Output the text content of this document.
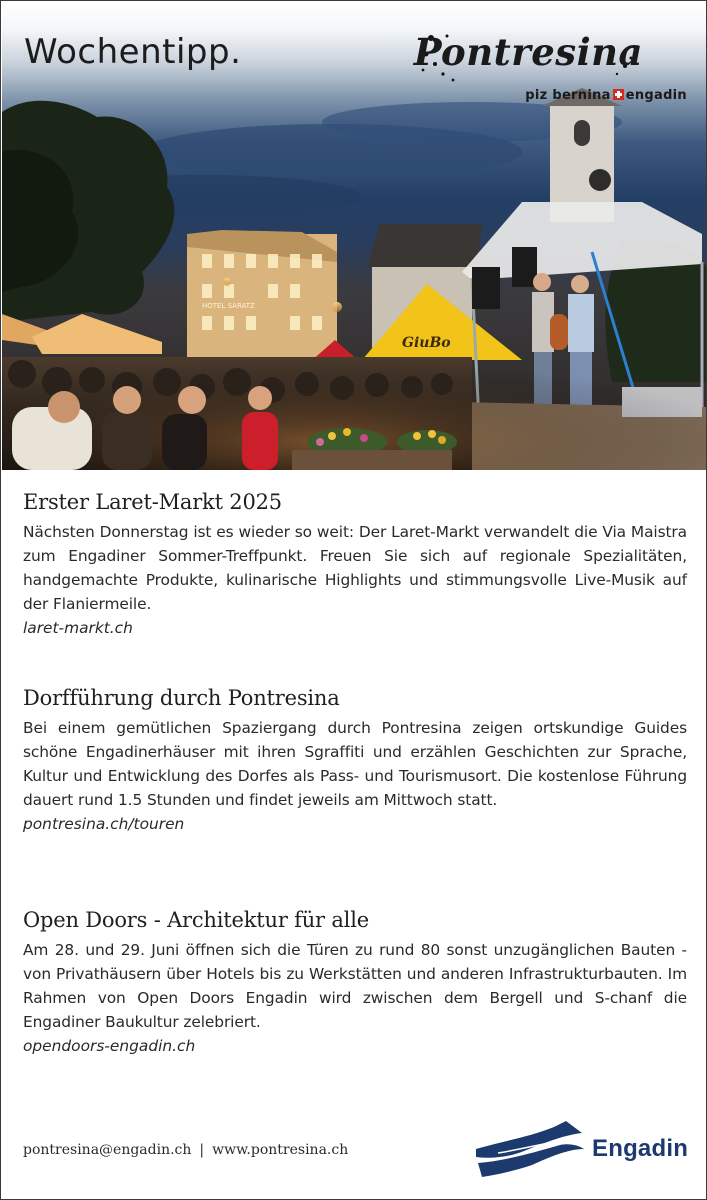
HOTEL SARATZ
Wochentipp.	Pontresina
piz bernina engadin
Erster Laret-Markt 2025

Nächsten Donnerstag ist es wieder so weit: Der Laret-Markt verwandelt die Via Maistra zum Engadiner Sommer-Treffpunkt. Freuen Sie sich auf regionale Spezialitäten, handgemachte Produkte, kulinarische Highlights und stimmungsvolle Live-Musik auf der Flaniermeile.

laret-markt.ch
Dorfführung durch Pontresina

Bei einem gemütlichen Spaziergang durch Pontresina zeigen ortskundige Guides schöne Engadinerhäuser mit ihren Sgraffiti und erzählen Geschichten zur Sprache, Kultur und Entwicklung des Dorfes als Pass- und Tourismusort. Die kostenlose Führung dauert rund 1.5 Stunden und findet jeweils am Mittwoch statt.

pontresina.ch/touren
Open Doors - Architektur für alle

Am 28. und 29. Juni öffnen sich die Türen zu rund 80 sonst unzugänglichen Bauten - von Privathäusern über Hotels bis zu Werkstätten und anderen Infrastrukturbauten. Im Rahmen von Open Doors Engadin wird zwischen dem Bergell und S-chanf die Engadiner Baukultur zelebriert.

opendoors-engadin.ch
pontresina@engadin.ch | www.pontresina.ch	Engadin
